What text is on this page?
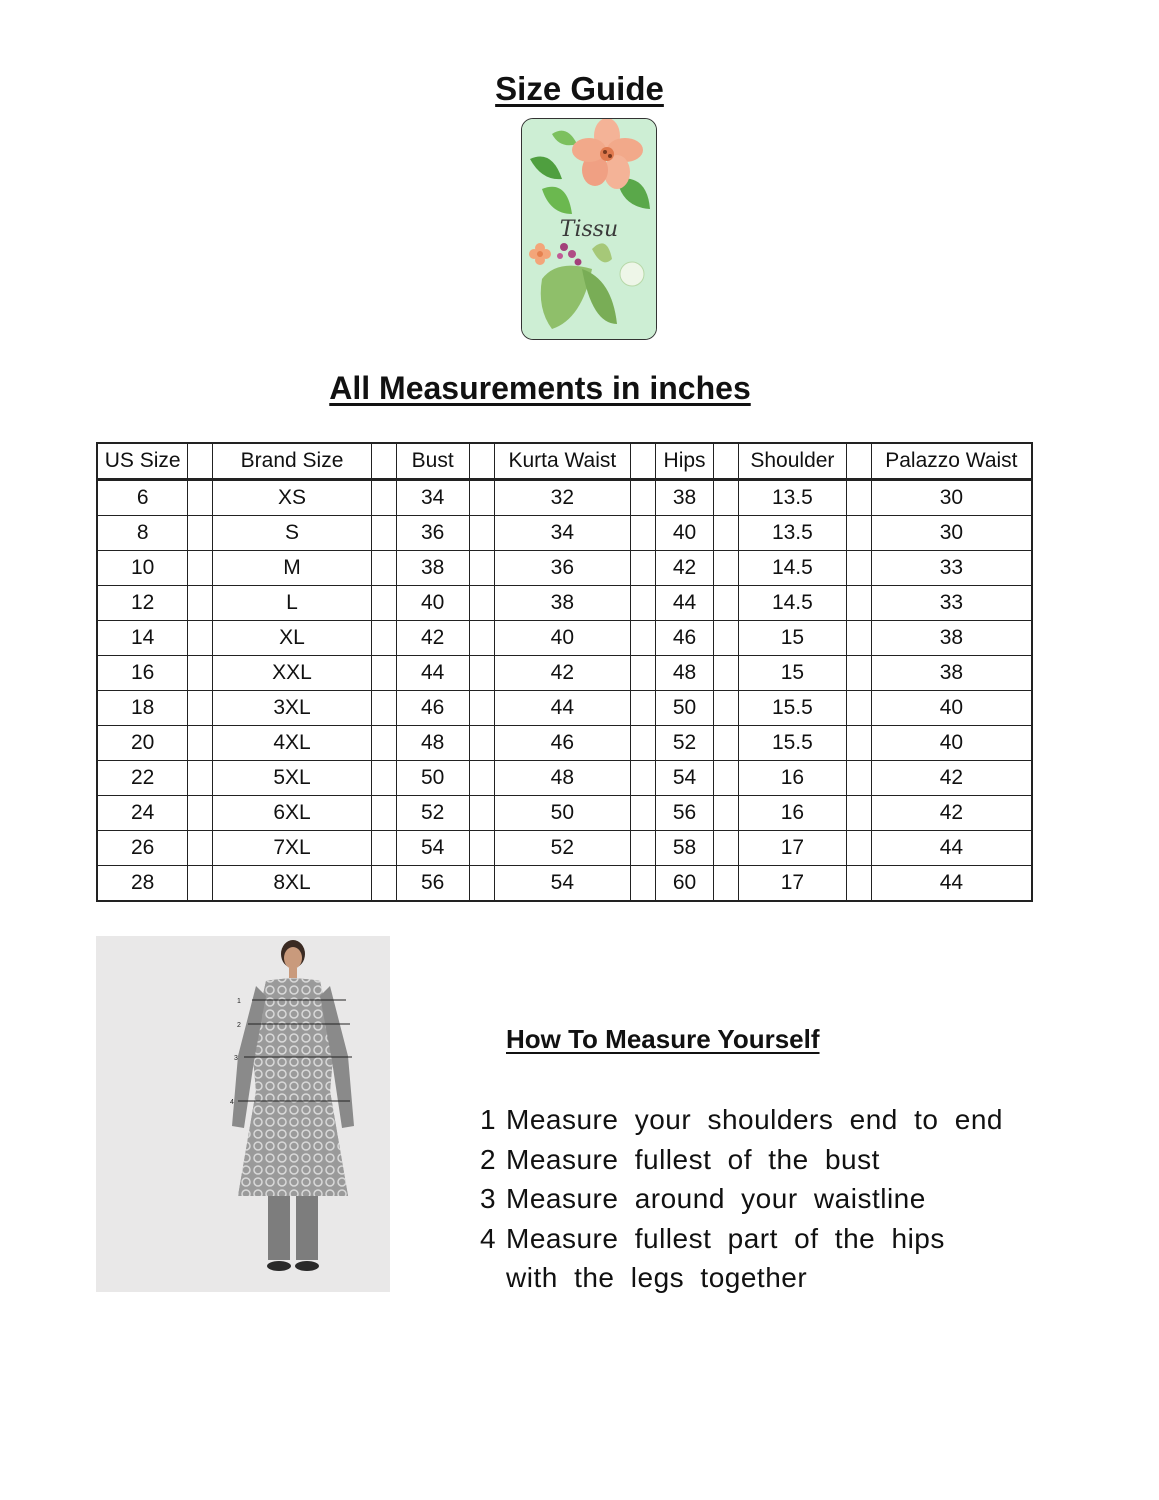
Size Guide
Tissu
All Measurements in inches
US Size		Brand Size		Bust		Kurta Waist		Hips		Shoulder		Palazzo Waist
6		XS		34		32		38		13.5		30
8		S		36		34		40		13.5		30
10		M		38		36		42		14.5		33
12		L		40		38		44		14.5		33
14		XL		42		40		46		15		38
16		XXL		44		42		48		15		38
18		3XL		46		44		50		15.5		40
20		4XL		48		46		52		15.5		40
22		5XL		50		48		54		16		42
24		6XL		52		50		56		16		42
26		7XL		54		52		58		17		44
28		8XL		56		54		60		17		44
1
2
3
4
How To Measure Yourself
1 Measure your shoulders end to end
2 Measure fullest of the bust
3 Measure around your waistline
4 Measure fullest part of the hips
with the legs together
